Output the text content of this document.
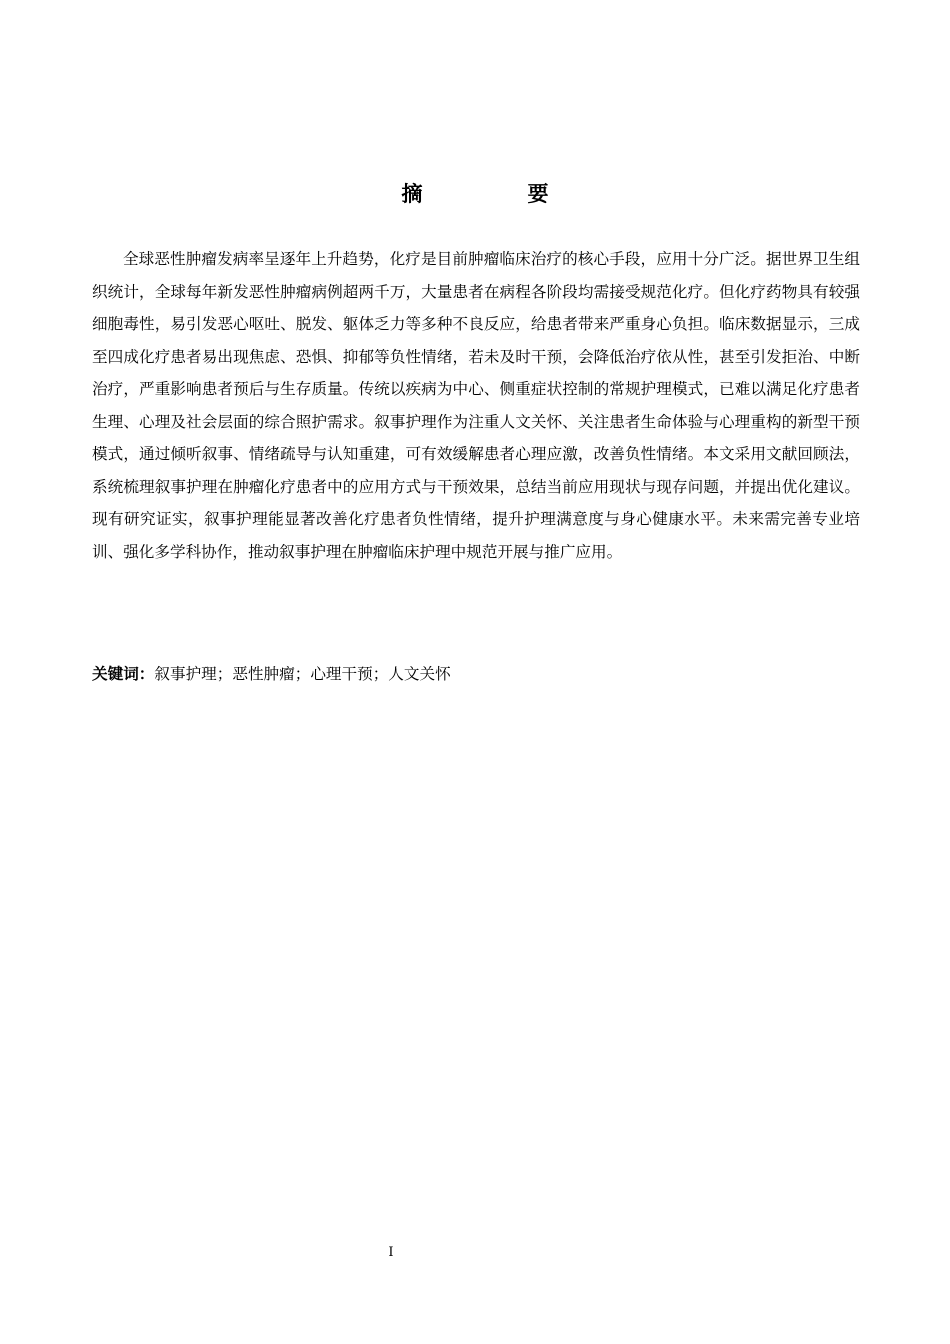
摘　要

全球恶性肿瘤发病率呈逐年上升趋势，化疗是目前肿瘤临床治疗的核心手段，应用十分广泛。据世界卫生组织统计，全球每年新发恶性肿瘤病例超两千万，大量患者在病程各阶段均需接受规范化疗。但化疗药物具有较强细胞毒性，易引发恶心呕吐、脱发、躯体乏力等多种不良反应，给患者带来严重身心负担。临床数据显示，三成至四成化疗患者易出现焦虑、恐惧、抑郁等负性情绪，若未及时干预，会降低治疗依从性，甚至引发拒治、中断治疗，严重影响患者预后与生存质量。传统以疾病为中心、侧重症状控制的常规护理模式，已难以满足化疗患者生理、心理及社会层面的综合照护需求。叙事护理作为注重人文关怀、关注患者生命体验与心理重构的新型干预模式，通过倾听叙事、情绪疏导与认知重建，可有效缓解患者心理应激，改善负性情绪。本文采用文献回顾法，系统梳理叙事护理在肿瘤化疗患者中的应用方式与干预效果，总结当前应用现状与现存问题，并提出优化建议。现有研究证实，叙事护理能显著改善化疗患者负性情绪，提升护理满意度与身心健康水平。未来需完善专业培训、强化多学科协作，推动叙事护理在肿瘤临床护理中规范开展与推广应用。

关键词：叙事护理；恶性肿瘤；心理干预；人文关怀
I
